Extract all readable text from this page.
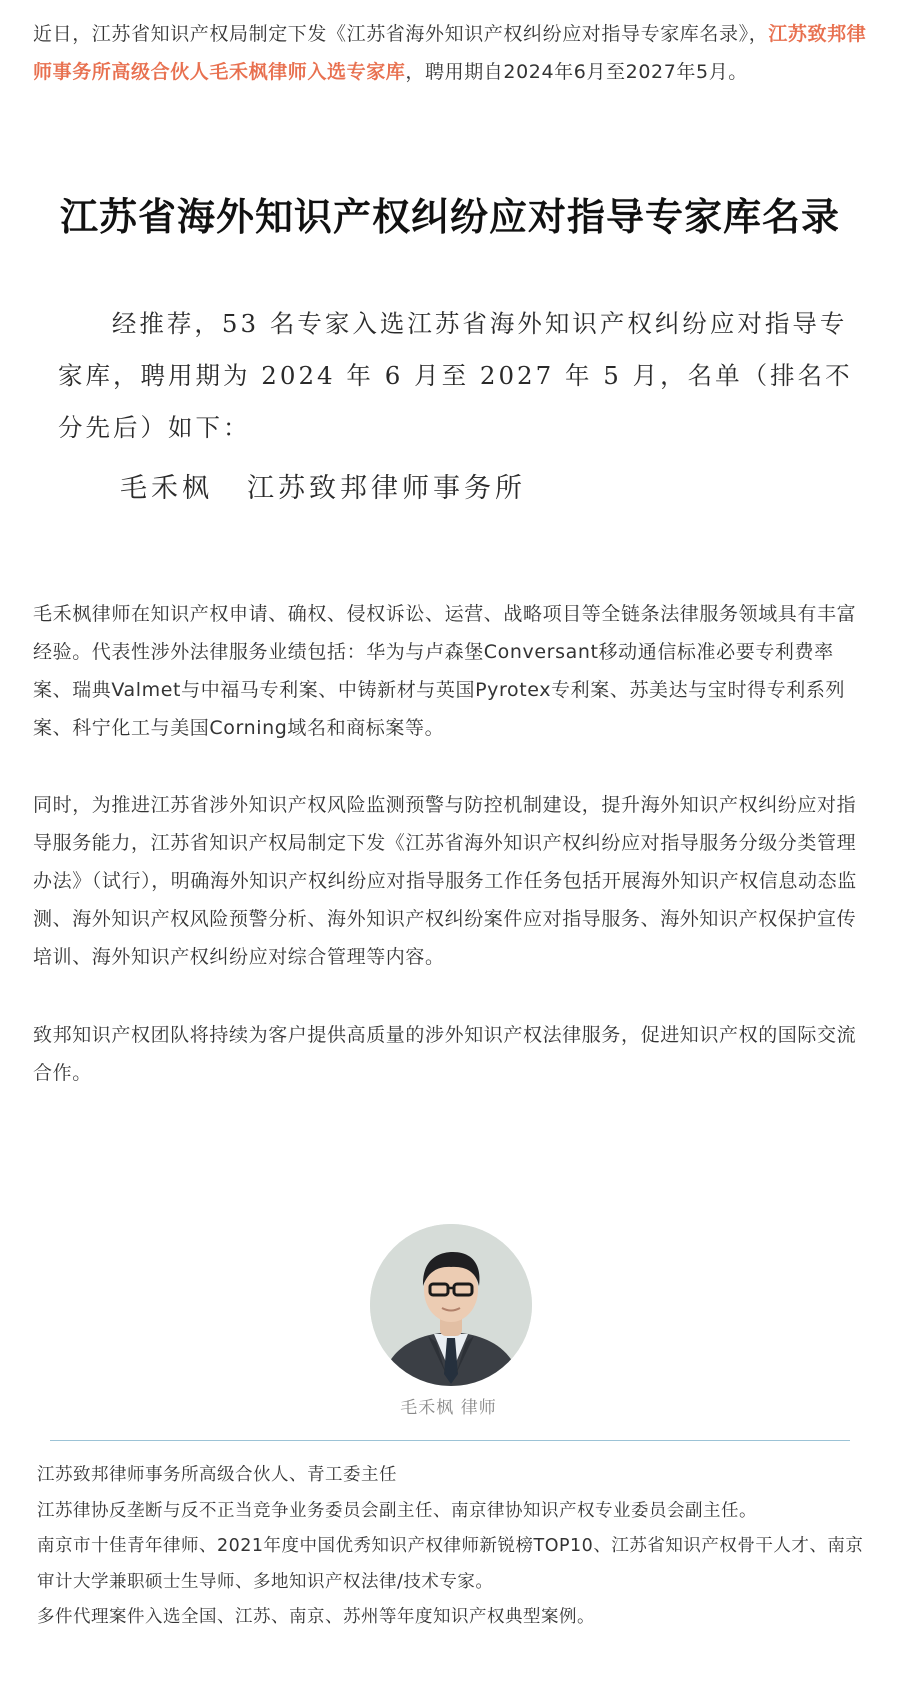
近日，江苏省知识产权局制定下发《江苏省海外知识产权纠纷应对指导专家库名录》，江苏致邦律师事务所高级合伙人毛禾枫律师入选专家库，聘用期自2024年6月至2027年5月。

江苏省海外知识产权纠纷应对指导专家库名录

经推荐，53 名专家入选江苏省海外知识产权纠纷应对指导专家库，聘用期为 2024 年 6 月至 2027 年 5 月，名单（排名不分先后）如下：

毛禾枫 江苏致邦律师事务所

毛禾枫律师在知识产权申请、确权、侵权诉讼、运营、战略项目等全链条法律服务领域具有丰富经验。代表性涉外法律服务业绩包括：华为与卢森堡Conversant移动通信标准必要专利费率案、瑞典Valmet与中福马专利案、中铸新材与英国Pyrotex专利案、苏美达与宝时得专利系列案、科宁化工与美国Corning域名和商标案等。

同时，为推进江苏省涉外知识产权风险监测预警与防控机制建设，提升海外知识产权纠纷应对指导服务能力，江苏省知识产权局制定下发《江苏省海外知识产权纠纷应对指导服务分级分类管理办法》（试行），明确海外知识产权纠纷应对指导服务工作任务包括开展海外知识产权信息动态监测、海外知识产权风险预警分析、海外知识产权纠纷案件应对指导服务、海外知识产权保护宣传培训、海外知识产权纠纷应对综合管理等内容。

致邦知识产权团队将持续为客户提供高质量的涉外知识产权法律服务，促进知识产权的国际交流合作。

毛禾枫 律师
江苏致邦律师事务所高级合伙人、青工委主任
江苏律协反垄断与反不正当竞争业务委员会副主任、南京律协知识产权专业委员会副主任。
南京市十佳青年律师、2021年度中国优秀知识产权律师新锐榜TOP10、江苏省知识产权骨干人才、南京审计大学兼职硕士生导师、多地知识产权法律/技术专家。
多件代理案件入选全国、江苏、南京、苏州等年度知识产权典型案例。
